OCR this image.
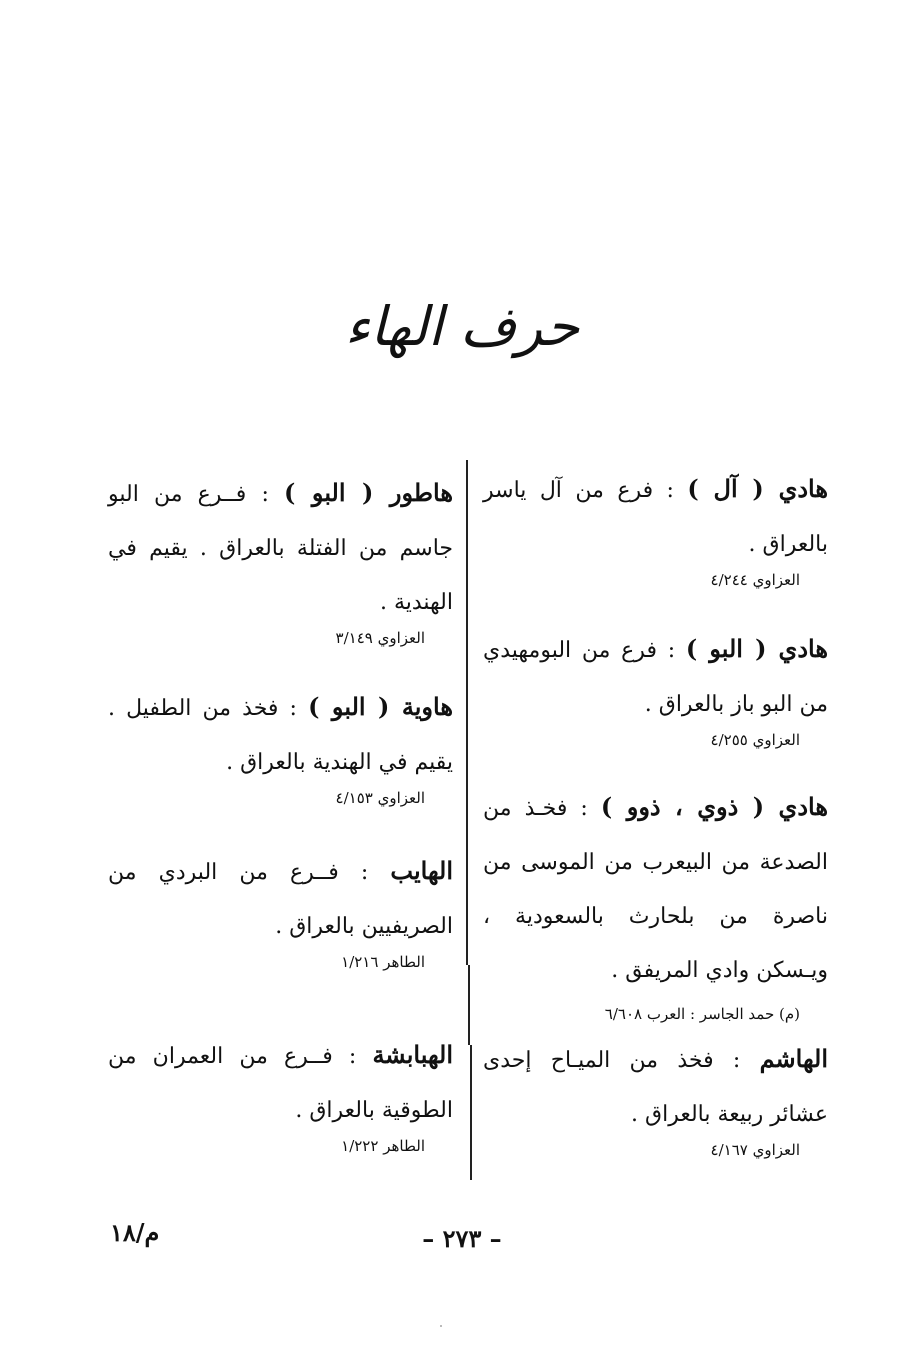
حرف الهاء
هادي ( آل ) : فرع من آل ياسر بالعراق .
العزاوي ٤/٢٤٤
هادي ( البو ) : فرع من البومهيدي من البو باز بالعراق .
العزاوي ٤/٢٥٥
هادي ( ذوي ، ذوو ) : فخـذ من الصدعة من البيعرب من الموسى من ناصرة من بلحارث بالسعودية ، ويـسكن وادي المريفق .
(م) حمد الجاسر : العرب ٦/٦٠٨
الهاشم : فخذ من الميـاح إحدى عشائر ربيعة بالعراق .
العزاوي ٤/١٦٧
هاطور ( البو ) : فــرع من البو جاسم من الفتلة بالعراق . يقيم في الهندية .
العزاوي ٣/١٤٩
هاوية ( البو ) : فخذ من الطفيل . يقيم في الهندية بالعراق .
العزاوي ٤/١٥٣
الهايب : فــرع من البردي من الصريفيين بالعراق .
الطاهر ١/٢١٦
الهبابشة : فــرع من العمران من الطوقية بالعراق .
الطاهر ١/٢٢٢
– ٢٧٣ –
م/١٨
